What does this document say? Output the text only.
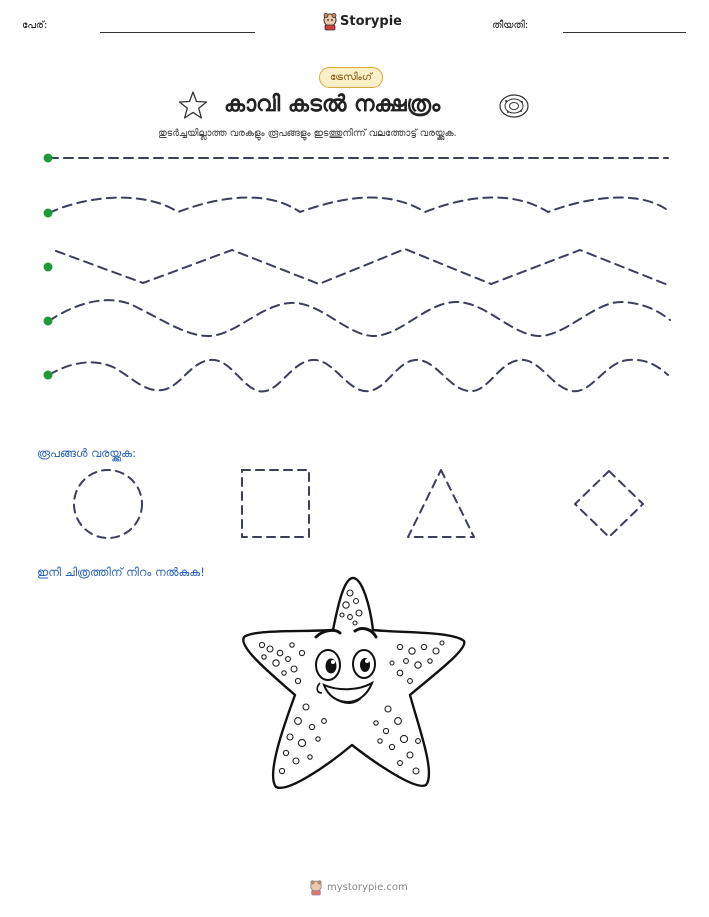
പേര്:	Storypie	തീയതി:
ട്രേസിംഗ്
കാവി കടൽ നക്ഷത്രം
തുടർച്ചയില്ലാത്ത വരകളും രൂപങ്ങളും ഇടത്തുനിന്ന് വലത്തോട്ട് വരയ്ക്കുക.
രൂപങ്ങൾ വരയ്ക്കുക:
ഇനി ചിത്രത്തിന് നിറം നൽകുക!
mystorypie.com
